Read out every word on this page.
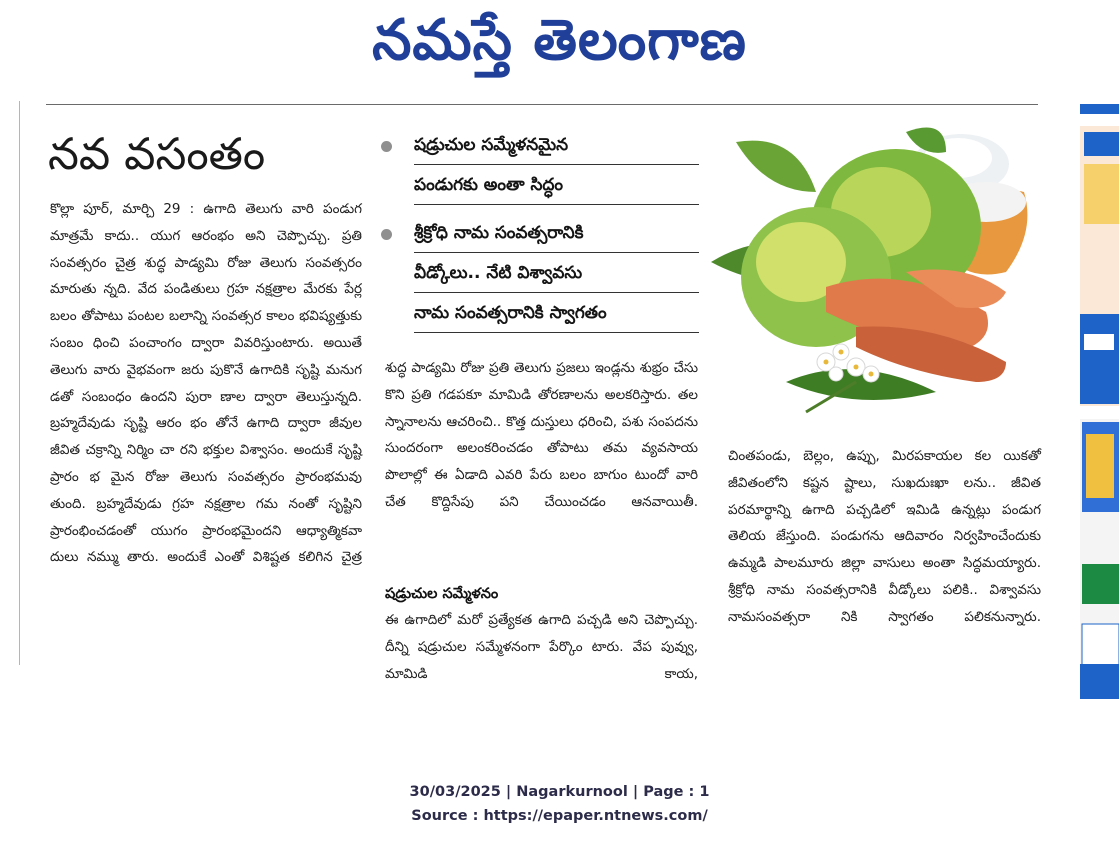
నమస్తే తెలంగాణ
నవ వసంతం	షడ్రుచుల సమ్మేళనమైన
పండుగకు అంతా సిద్ధం
శ్రీక్రోధి నామ సంవత్సరానికి
వీడ్కోలు.. నేటి విశ్వావసు
నామ సంవత్సరానికి స్వాగతం
కొల్లా పూర్, మార్చి 29 : ఉగాది తెలుగు వారి పండుగ మాత్రమే కాదు.. యుగ ఆరంభం అని చెప్పొచ్చు. ప్రతి సంవత్సరం చైత్ర శుద్ధ పాడ్యమి రోజు తెలుగు సంవత్సరం మారుతు న్నది. వేద పండితులు గ్రహ నక్షత్రాల మేరకు పేర్ల బలం తోపాటు పంటల బలాన్ని సంవత్సర కాలం భవిష్యత్తుకు సంబం ధించి పంచాంగం ద్వారా వివరిస్తుంటారు. అయితే తెలుగు వారు వైభవంగా జరు పుకొనే ఉగాదికి సృష్టి మనుగ డతో సంబంధం ఉందని పురా ణాల ద్వారా తెలుస్తున్నది. బ్రహ్మదేవుడు సృష్టి ఆరం భం తోనే ఉగాది ద్వారా జీవుల జీవిత చక్రాన్ని నిర్మిం చా రని భక్తుల విశ్వాసం. అందుకే సృష్టి ప్రారం భ మైన రోజు తెలుగు సంవత్సరం ప్రారంభమవు తుంది. బ్రహ్మదేవుడు గ్రహ నక్షత్రాల గమ నంతో సృష్టిని ప్రారంభించడంతో యుగం ప్రారంభమైందని ఆధ్యాత్మికవా దులు నమ్ము తారు. అందుకే ఎంతో విశిష్టత కలిగిన చైత్ర
శుద్ధ పాడ్యమి రోజు ప్రతి తెలుగు ప్రజలు ఇండ్లను శుభ్రం చేసు కొని ప్రతి గడపకూ మామిడి తోరణాలను అలకరిస్తారు. తల స్నానాలను ఆచరించి.. కొత్త దుస్తులు ధరించి, పశు సంపదను సుందరంగా అలంకరించడం తోపాటు తమ వ్యవసాయ పొలాల్లో ఈ ఏడాది ఎవరి పేరు బలం బాగుం టుందో వారి చేత కొద్దిసేపు పని చేయించడం ఆనవాయితీ.
షడ్రుచుల సమ్మేళనం
ఈ ఉగాదిలో మరో ప్రత్యేకత ఉగాది పచ్చడి అని చెప్పొచ్చు. దీన్ని షడ్రుచుల సమ్మేళనంగా పేర్కొం టారు. వేప పువ్వు, మామిడి కాయ,
చింతపండు, బెల్లం, ఉప్పు, మిరపకాయల కల యికతో జీవితంలోని కష్టన ష్టాలు, సుఖదుఃఖా లను.. జీవిత పరమార్థాన్ని ఉగాది పచ్చడిలో ఇమిడి ఉన్నట్లు పండుగ తెలియ జేస్తుంది. పండుగను ఆదివారం నిర్వహించేందుకు ఉమ్మడి పాలమూరు జిల్లా వాసులు అంతా సిద్ధమయ్యారు. శ్రీక్రోధి నామ సంవత్సరానికి వీడ్కోలు పలికి.. విశ్వావసు నామసంవత్సరా నికి స్వాగతం పలికనున్నారు.
30/03/2025 | Nagarkurnool | Page : 1
Source : https://epaper.ntnews.com/
